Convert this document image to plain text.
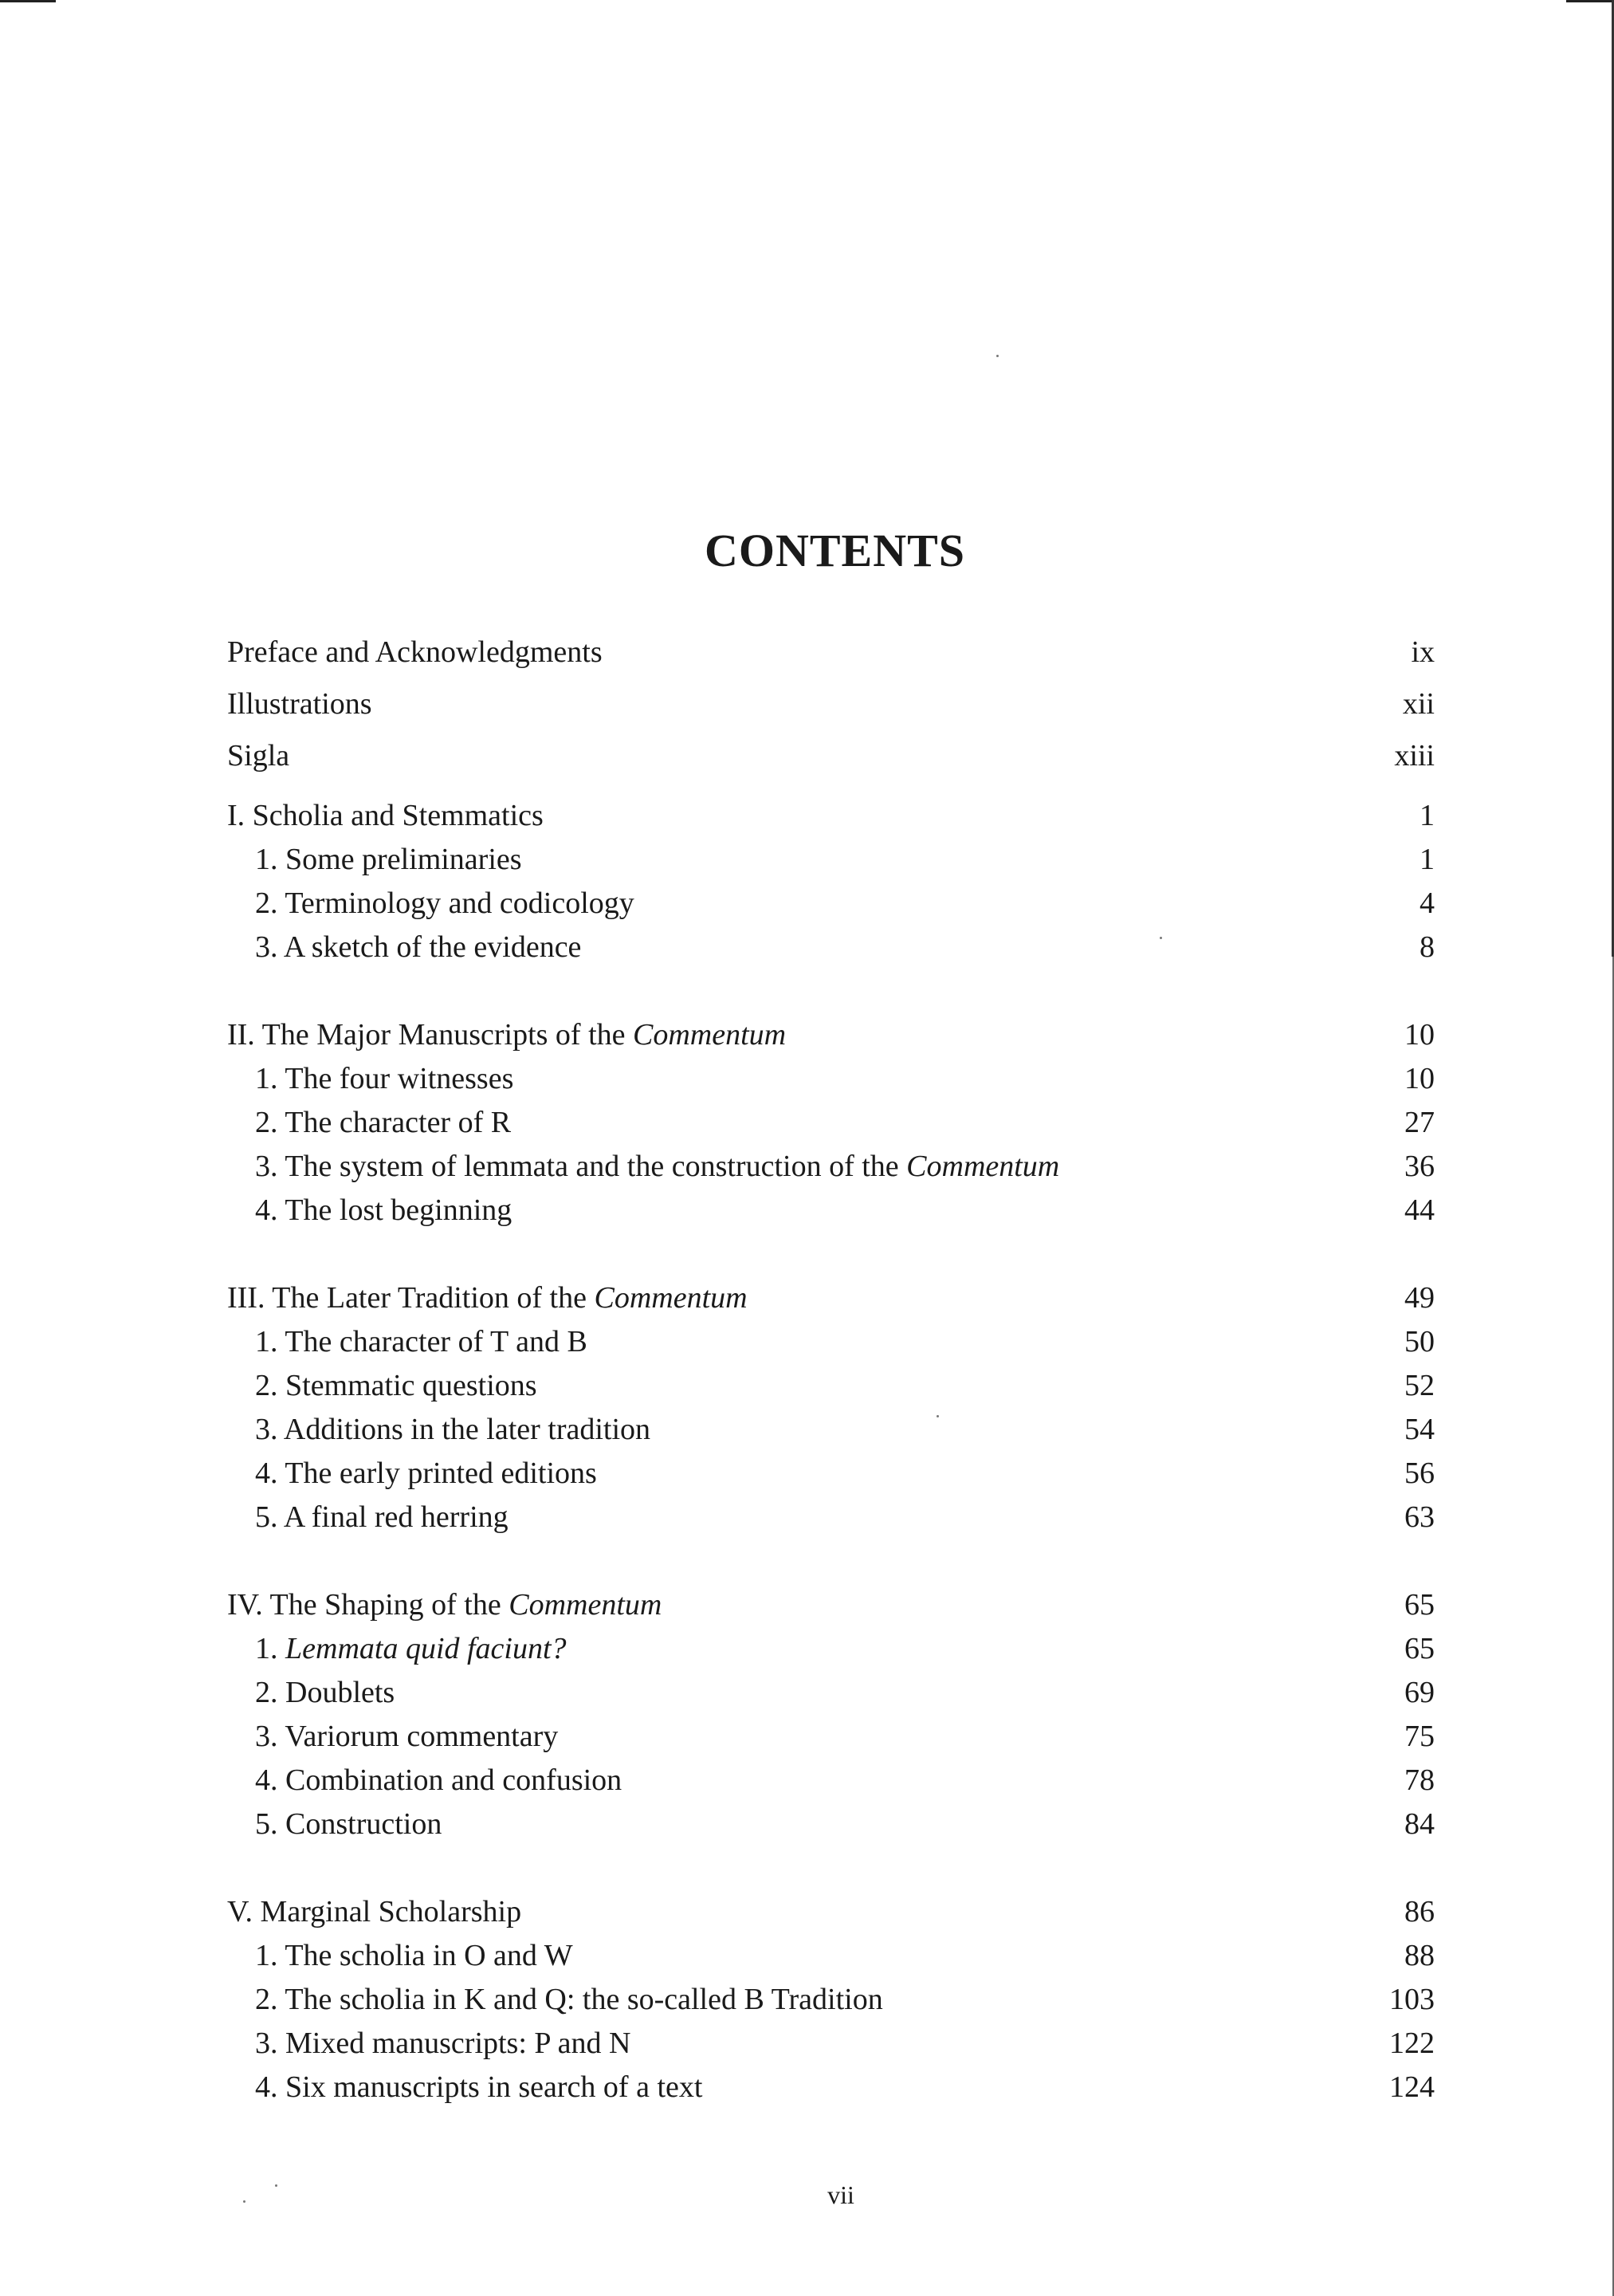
CONTENTS
Preface and Acknowledgments	ix
Illustrations	xii
Sigla	xiii
I. Scholia and Stemmatics	1
1. Some preliminaries	1
2. Terminology and codicology	4
3. A sketch of the evidence	8
II. The Major Manuscripts of the Commentum	10
1. The four witnesses	10
2. The character of R	27
3. The system of lemmata and the construction of the Commentum	36
4. The lost beginning	44
III. The Later Tradition of the Commentum	49
1. The character of T and B	50
2. Stemmatic questions	52
3. Additions in the later tradition	54
4. The early printed editions	56
5. A final red herring	63
IV. The Shaping of the Commentum	65
1. Lemmata quid faciunt?	65
2. Doublets	69
3. Variorum commentary	75
4. Combination and confusion	78
5. Construction	84
V. Marginal Scholarship	86
1. The scholia in O and W	88
2. The scholia in K and Q: the so-called B Tradition	103
3. Mixed manuscripts: P and N	122
4. Six manuscripts in search of a text	124
vii
